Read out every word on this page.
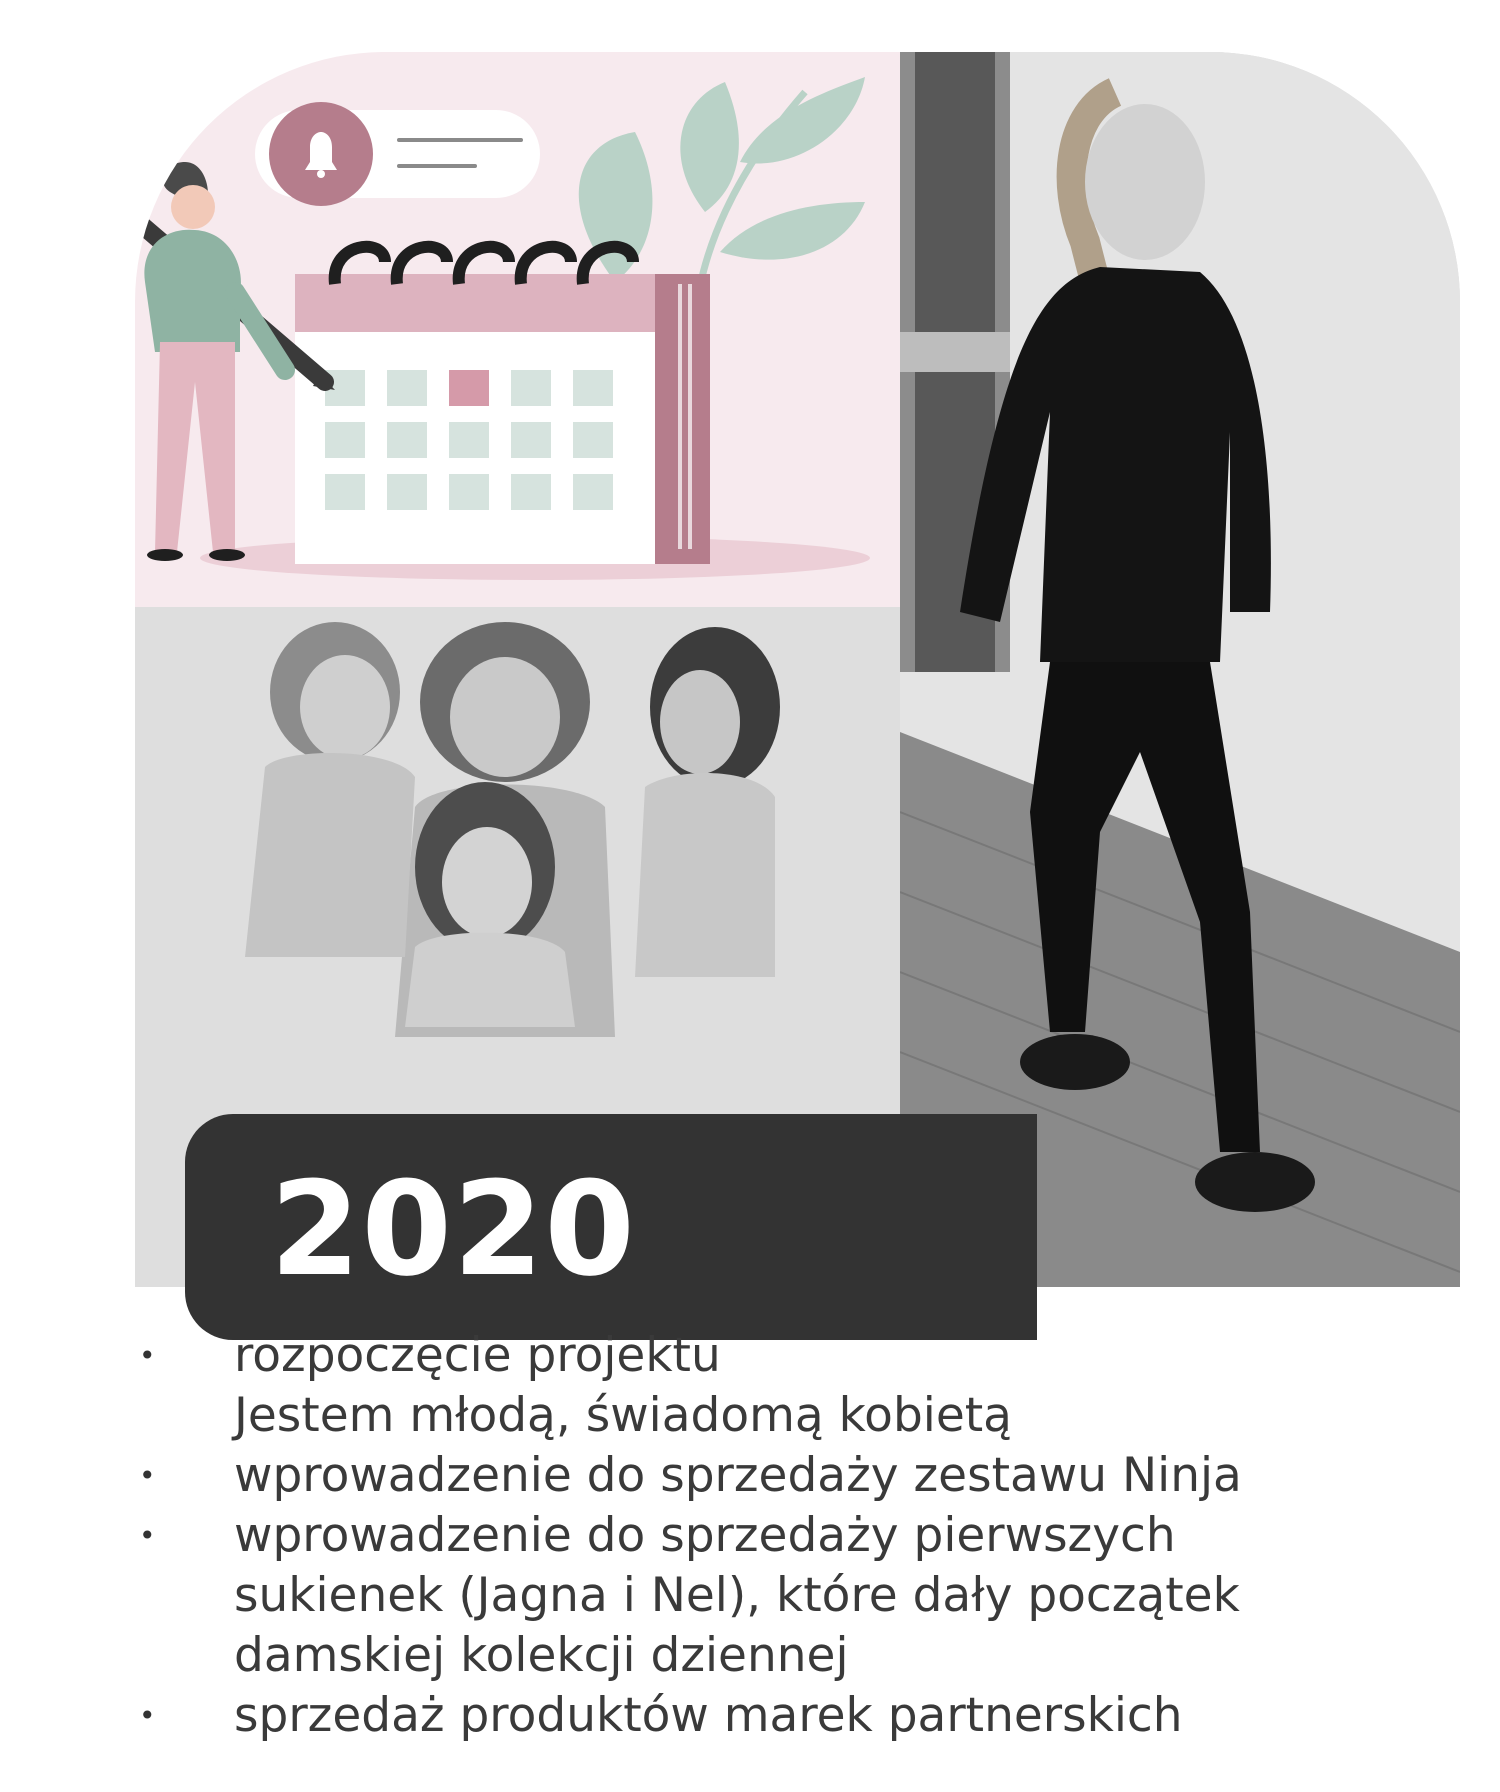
2020
•	rozpoczęcie projektu
Jestem młodą, świadomą kobietą
•	wprowadzenie do sprzedaży zestawu Ninja
•	wprowadzenie do sprzedaży pierwszych
sukienek (Jagna i Nel), które dały początek
damskiej kolekcji dziennej
•	sprzedaż produktów marek partnerskich
